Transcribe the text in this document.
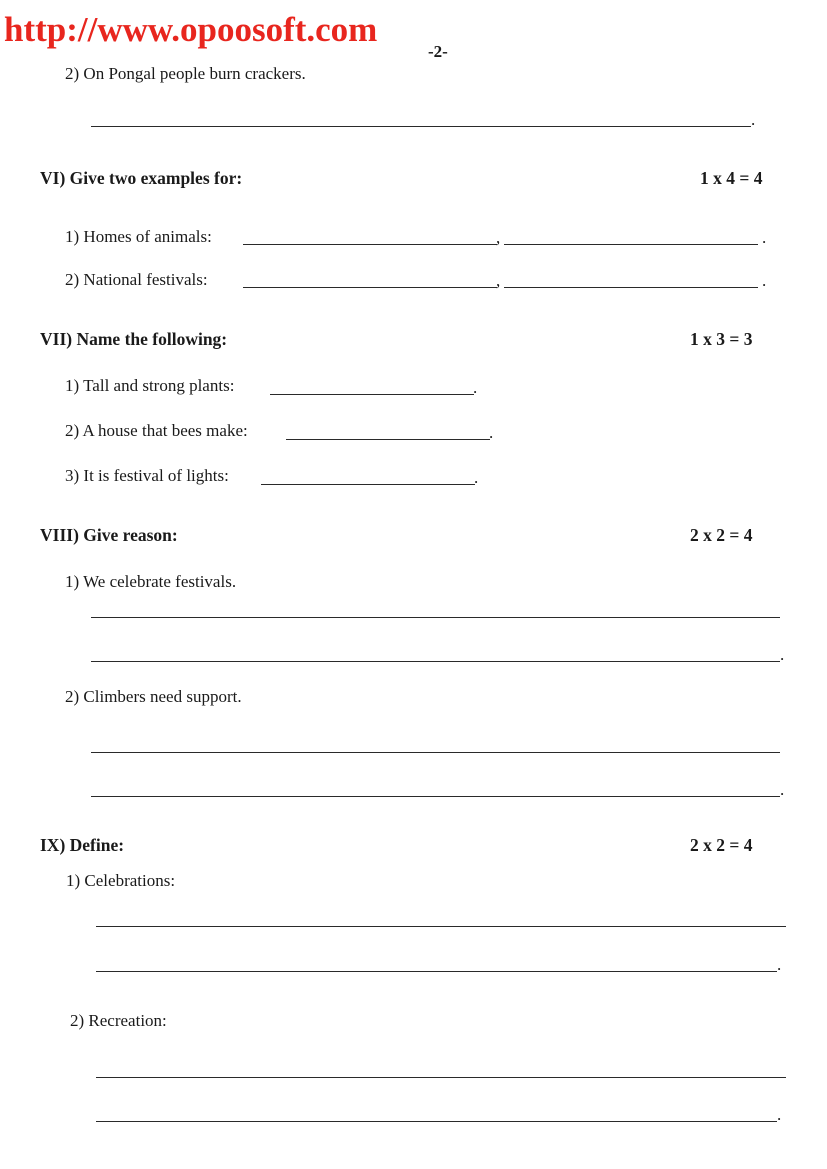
http://www.opoosoft.com
-2-
2) On Pongal people burn crackers.
.
VI) Give two examples for:	1 x 4 = 4
1) Homes of animals:	,	.
2) National festivals:	,	.
VII) Name the following:	1 x 3 = 3
1) Tall and strong plants:	.
2) A house that bees make:	.
3) It is festival of lights:	.
VIII) Give reason:	2 x 2 = 4
1) We celebrate festivals.
.
2) Climbers need support.
.
IX) Define:	2 x 2 = 4
1) Celebrations:
.
2) Recreation:
.
